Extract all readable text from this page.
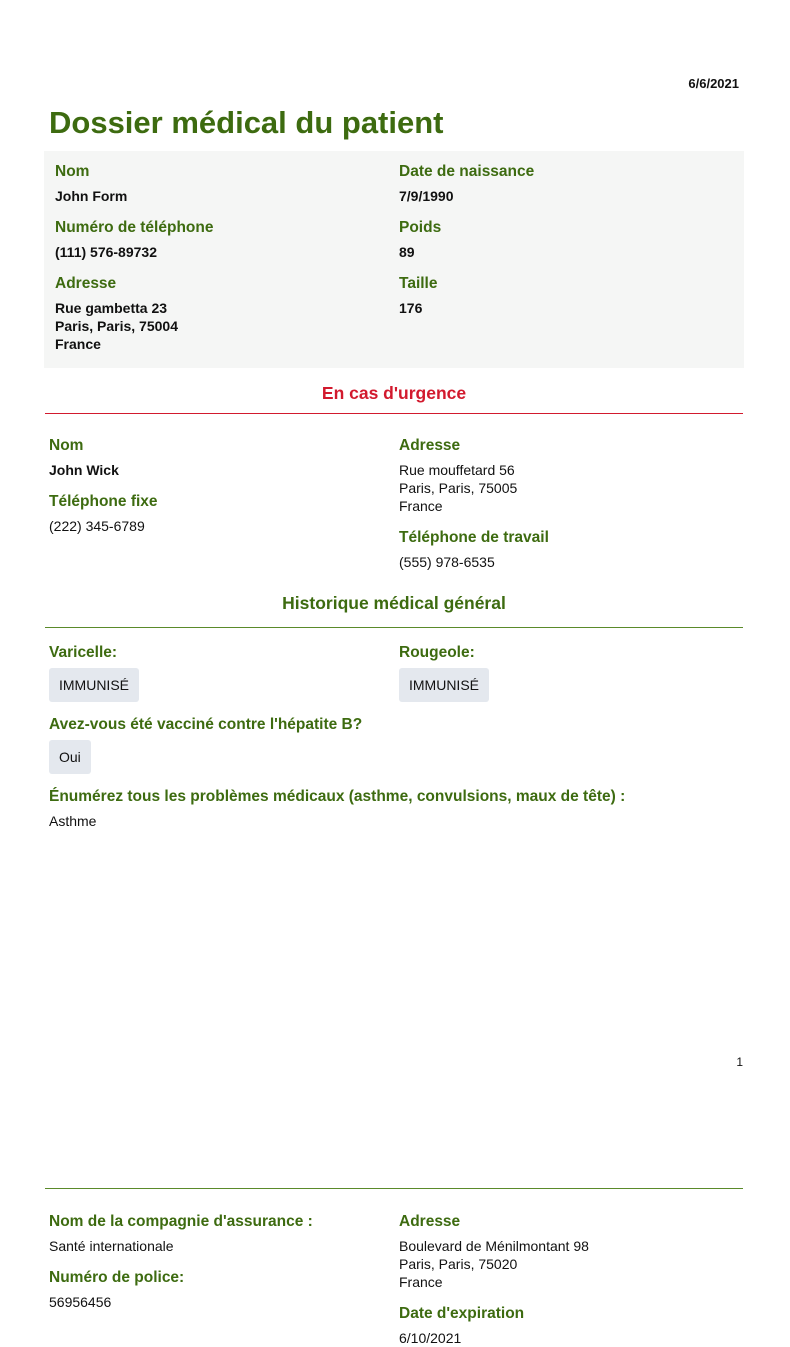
6/6/2021
Dossier médical du patient
Nom
John Form
Numéro de téléphone
(111) 576-89732
Adresse
Rue gambetta 23
Paris, Paris, 75004
France
Date de naissance
7/9/1990
Poids
89
Taille
176
En cas d'urgence
Nom
John Wick
Téléphone fixe
(222) 345-6789
Adresse
Rue mouffetard 56
Paris, Paris, 75005
France
Téléphone de travail
(555) 978-6535
Historique médical général
Varicelle:
IMMUNISÉ
Rougeole:
IMMUNISÉ
Avez-vous été vacciné contre l'hépatite B?
Oui
Énumérez tous les problèmes médicaux (asthme, convulsions, maux de tête) :
Asthme
1
Nom de la compagnie d'assurance :
Santé internationale
Numéro de police:
56956456
Adresse
Boulevard de Ménilmontant 98
Paris, Paris, 75020
France
Date d'expiration
6/10/2021
